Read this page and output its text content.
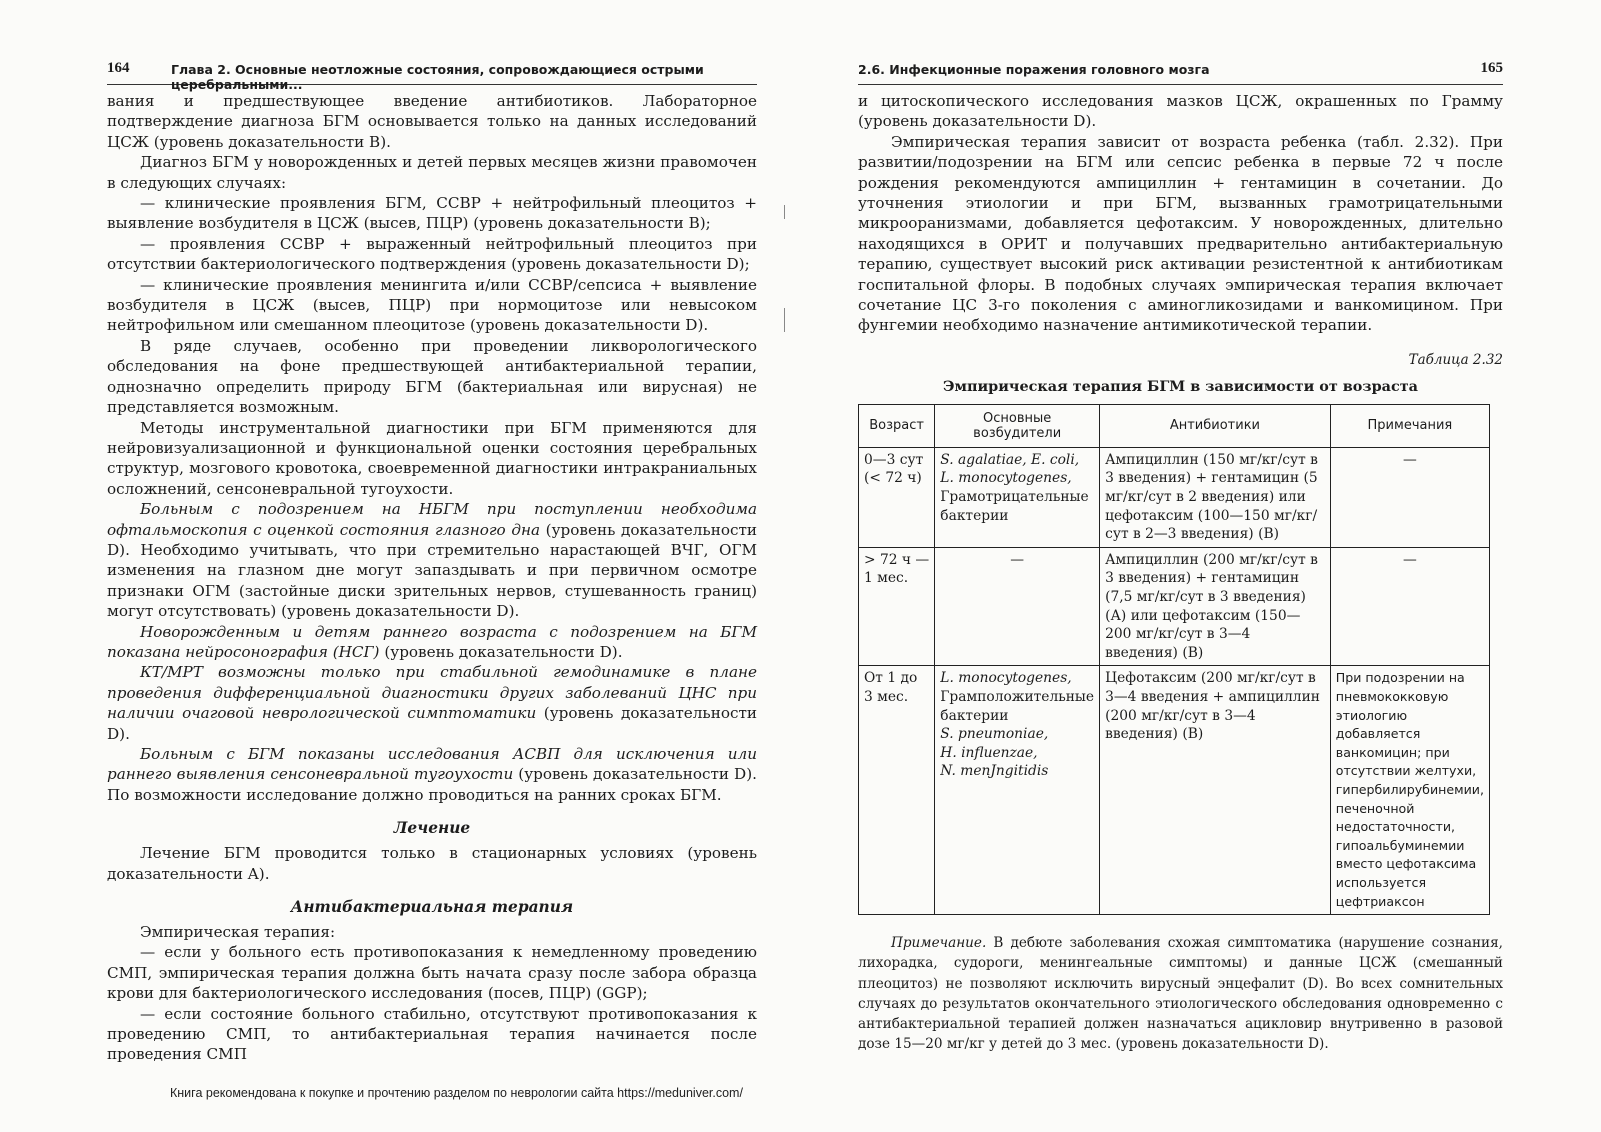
164	Глава 2. Основные неотложные состояния, сопровождающиеся острыми церебральными...

вания и предшествующее введение антибиотиков. Лабораторное подтверждение диагноза БГМ основывается только на данных исследований ЦСЖ (уровень доказательности B).

Диагноз БГМ у новорожденных и детей первых месяцев жизни правомочен в следующих случаях:

— клинические проявления БГМ, ССВР + нейтрофильный плеоцитоз + выявление возбудителя в ЦСЖ (высев, ПЦР) (уровень доказательности B);

— проявления ССВР + выраженный нейтрофильный плеоцитоз при отсутствии бактериологического подтверждения (уровень доказательности D);

— клинические проявления менингита и/или ССВР/сепсиса + выявление возбудителя в ЦСЖ (высев, ПЦР) при нормоцитозе или невысоком нейтрофильном или смешанном плеоцитозе (уровень доказательности D).

В ряде случаев, особенно при проведении ликворологического обследования на фоне предшествующей антибактериальной терапии, однозначно определить природу БГМ (бактериальная или вирусная) не представляется возможным.

Методы инструментальной диагностики при БГМ применяются для нейровизуализационной и функциональной оценки состояния церебральных структур, мозгового кровотока, своевременной диагностики интракраниальных осложнений, сенсоневральной тугоухости.

Больным с подозрением на НБГМ при поступлении необходима офтальмоскопия с оценкой состояния глазного дна (уровень доказательности D). Необходимо учитывать, что при стремительно нарастающей ВЧГ, ОГМ изменения на глазном дне могут запаздывать и при первичном осмотре признаки ОГМ (застойные диски зрительных нервов, стушеванность границ) могут отсутствовать) (уровень доказательности D).

Новорожденным и детям раннего возраста с подозрением на БГМ показана нейросонография (НСГ) (уровень доказательности D).

КТ/МРТ возможны только при стабильной гемодинамике в плане проведения дифференциальной диагностики других заболеваний ЦНС при наличии очаговой неврологической симптоматики (уровень доказательности D).

Больным с БГМ показаны исследования АСВП для исключения или раннего выявления сенсоневральной тугоухости (уровень доказательности D). По возможности исследование должно проводиться на ранних сроках БГМ.

Лечение

Лечение БГМ проводится только в стационарных условиях (уровень доказательности A).

Антибактериальная терапия

Эмпирическая терапия:

— если у больного есть противопоказания к немедленному проведению СМП, эмпирическая терапия должна быть начата сразу после забора образца крови для бактериологического исследования (посев, ПЦР) (GGP);

— если состояние больного стабильно, отсутствуют противопоказания к проведению СМП, то антибактериальная терапия начинается после проведения СМП

2.6. Инфекционные поражения головного мозга	165

и цитоскопического исследования мазков ЦСЖ, окрашенных по Грамму (уровень доказательности D).

Эмпирическая терапия зависит от возраста ребенка (табл. 2.32). При развитии/подозрении на БГМ или сепсис ребенка в первые 72 ч после рождения рекомендуются ампициллин + гентамицин в сочетании. До уточнения этиологии и при БГМ, вызванных грамотрицательными микрооранизмами, добавляется цефотаксим. У новорожденных, длительно находящихся в ОРИТ и получавших предварительно антибактериальную терапию, существует высокий риск активации резистентной к антибиотикам госпитальной флоры. В подобных случаях эмпирическая терапия включает сочетание ЦС 3-го поколения с аминогликозидами и ванкомицином. При фунгемии необходимо назначение антимикотической терапии.

Таблица 2.32
Эмпирическая терапия БГМ в зависимости от возраста
Возраст	Основные возбудители	Антибиотики	Примечания
0—3 сут (< 72 ч)	S. agalatiae, E. coli,
L. monocytogenes,
Грамотрицательные бактерии	Ампициллин (150 мг/кг/сут в 3 введения) + гентамицин (5 мг/кг/сут в 2 введения) или цефотаксим (100—150 мг/кг/сут в 2—3 введения) (В)	—
> 72 ч — 1 мес.	—	Ампициллин (200 мг/кг/сут в 3 введения) + гентамицин (7,5 мг/кг/сут в 3 введения) (А) или цефотаксим (150—200 мг/кг/сут в 3—4 введения) (В)	—
От 1 до 3 мес.	L. monocytogenes,
Грамположительные бактерии
S. pneumoniae,
H. influenzae,
N. menJngitidis	Цефотаксим (200 мг/кг/сут в 3—4 введения + ампициллин (200 мг/кг/сут в 3—4 введения) (В)	При подозрении на пневмококковую этиологию добавляется ванкомицин; при отсутствии желтухи, гипербилирубинемии, печеночной недостаточности, гипоальбуминемии вместо цефотаксима используется цефтриаксон

Примечание. В дебюте заболевания схожая симптоматика (нарушение сознания, лихорадка, судороги, менингеальные симптомы) и данные ЦСЖ (смешанный плеоцитоз) не позволяют исключить вирусный энцефалит (D). Во всех сомнительных случаях до результатов окончательного этиологического обследования одновременно с антибактериальной терапией должен назначаться ацикловир внутривенно в разовой дозе 15—20 мг/кг у детей до 3 мес. (уровень доказательности D).

Книга рекомендована к покупке и прочтению разделом по неврологии сайта https://meduniver.com/
